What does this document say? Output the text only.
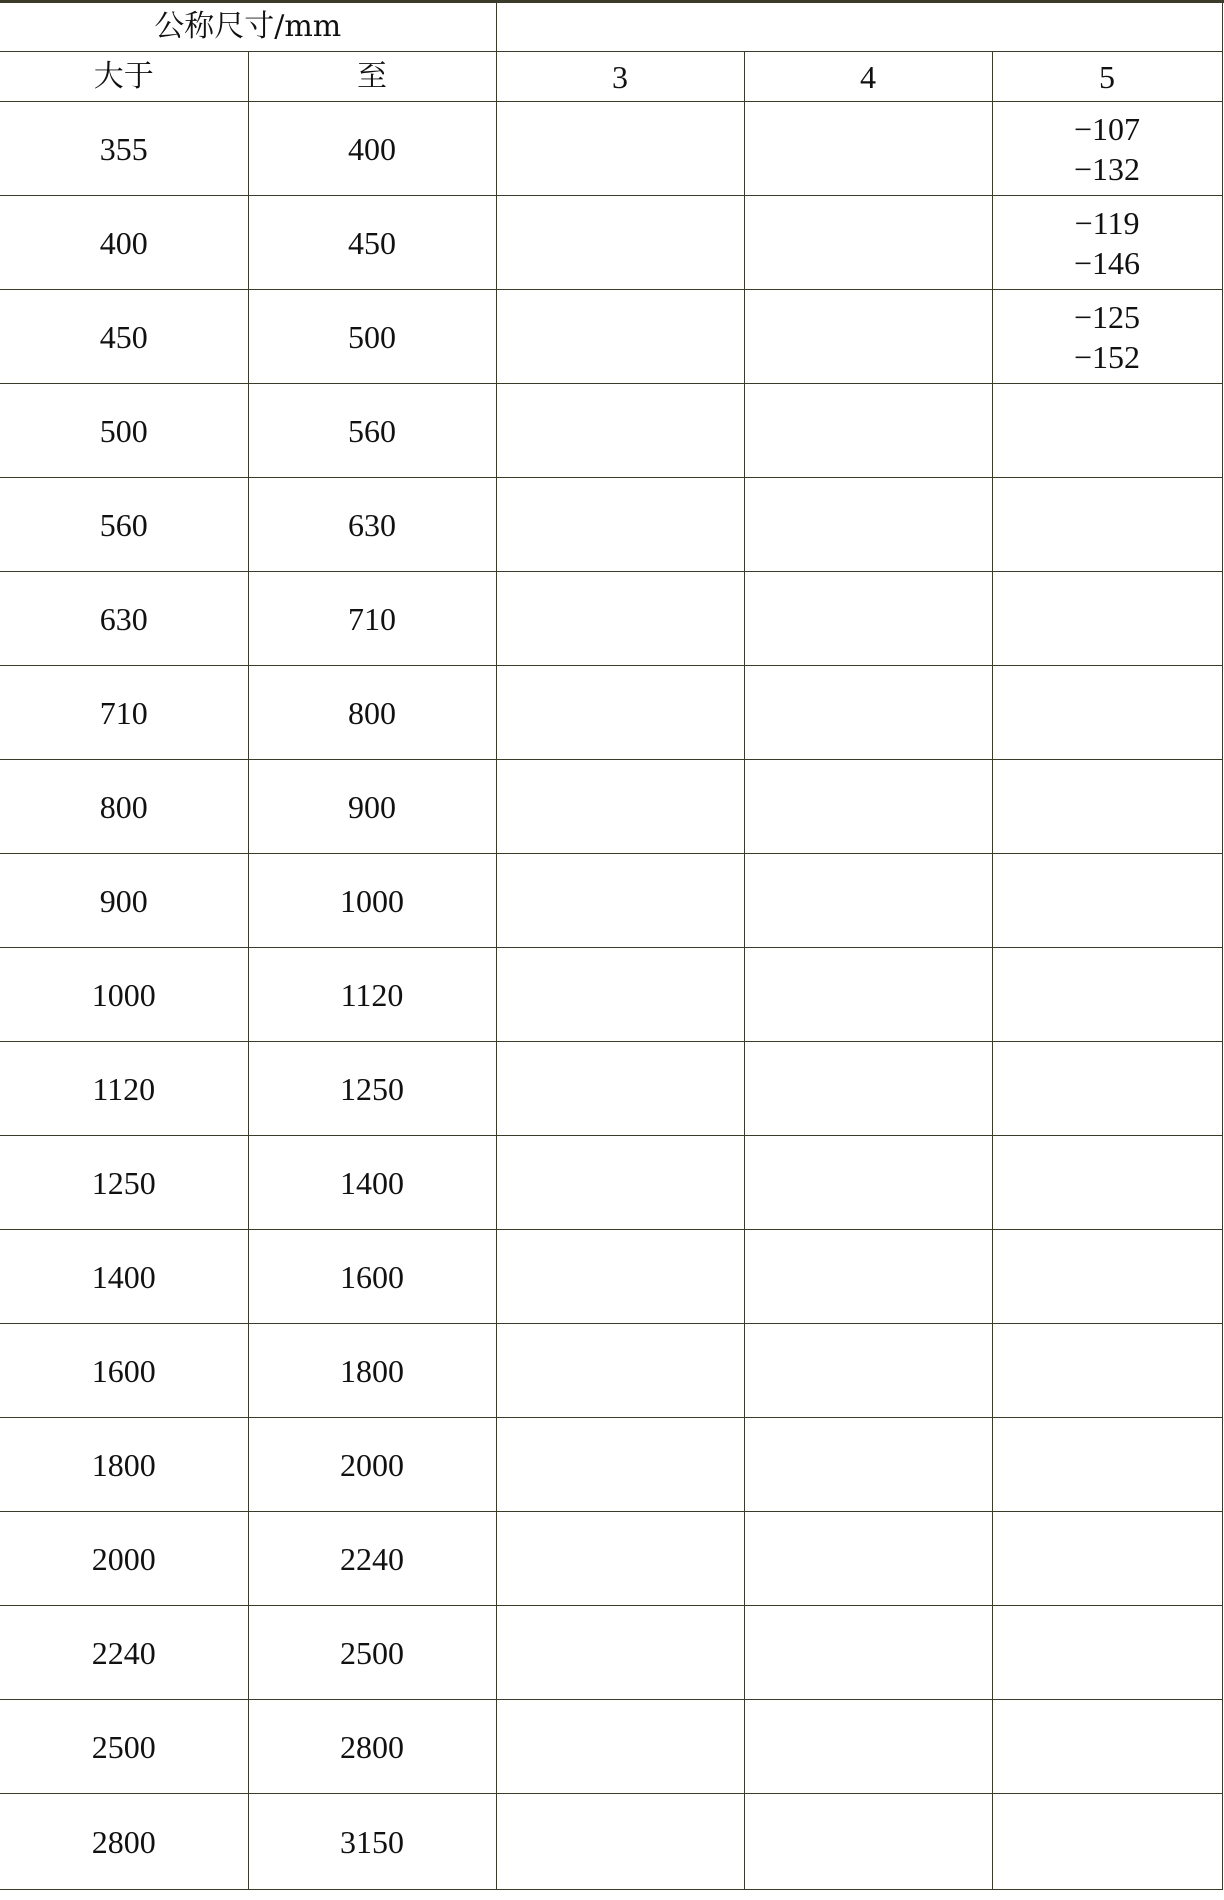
公称尺寸/mm				
大于	至	3	4	5
355	400			−107
−132

400	450			−119
−146

450	500			−125
−152

500	560			
560	630			
630	710			
710	800			
800	900			
900	1000			
1000	1120			
1120	1250			
1250	1400			
1400	1600			
1600	1800			
1800	2000			
2000	2240			
2240	2500			
2500	2800			
2800	3150			
